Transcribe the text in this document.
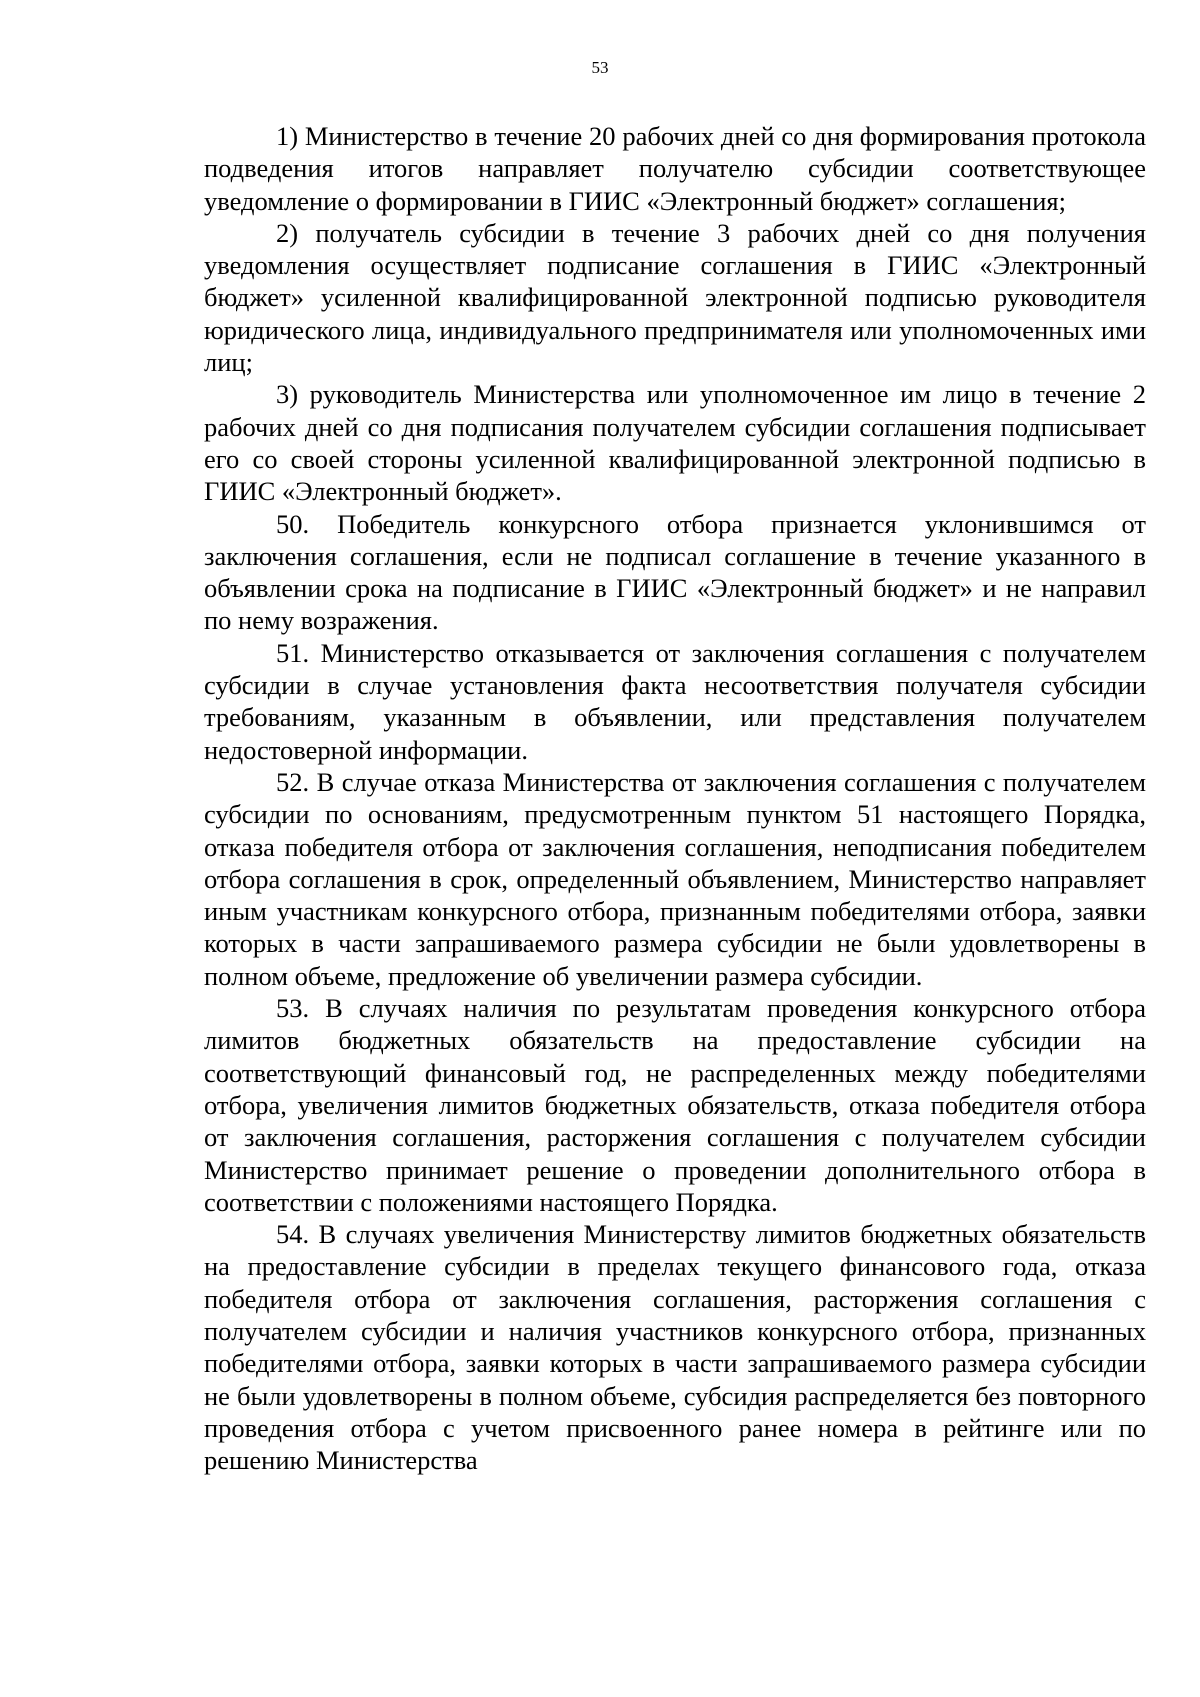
53

1) Министерство в течение 20 рабочих дней со дня формирования протокола подведения итогов направляет получателю субсидии соответствующее уведомление о формировании в ГИИС «Электронный бюджет» соглашения;

2) получатель субсидии в течение 3 рабочих дней со дня получения уведомления осуществляет подписание соглашения в ГИИС «Электронный бюджет» усиленной квалифицированной электронной подписью руководителя юридического лица, индивидуального предпринимателя или уполномоченных ими лиц;

3) руководитель Министерства или уполномоченное им лицо в течение 2 рабочих дней со дня подписания получателем субсидии соглашения подписывает его со своей стороны усиленной квалифицированной электронной подписью в ГИИС «Электронный бюджет».

50. Победитель конкурсного отбора признается уклонившимся от заключения соглашения, если не подписал соглашение в течение указанного в объявлении срока на подписание в ГИИС «Электронный бюджет» и не направил по нему возражения.

51. Министерство отказывается от заключения соглашения с получателем субсидии в случае установления факта несоответствия получателя субсидии требованиям, указанным в объявлении, или представления получателем недостоверной информации.

52. В случае отказа Министерства от заключения соглашения с получателем субсидии по основаниям, предусмотренным пунктом 51 настоящего Порядка, отказа победителя отбора от заключения соглашения, неподписания победителем отбора соглашения в срок, определенный объявлением, Министерство направляет иным участникам конкурсного отбора, признанным победителями отбора, заявки которых в части запрашиваемого размера субсидии не были удовлетворены в полном объеме, предложение об увеличении размера субсидии.

53. В случаях наличия по результатам проведения конкурсного отбора лимитов бюджетных обязательств на предоставление субсидии на соответствующий финансовый год, не распределенных между победителями отбора, увеличения лимитов бюджетных обязательств, отказа победителя отбора от заключения соглашения, расторжения соглашения с получателем субсидии Министерство принимает решение о проведении дополнительного отбора в соответствии с положениями настоящего Порядка.

54. В случаях увеличения Министерству лимитов бюджетных обязательств на предоставление субсидии в пределах текущего финансового года, отказа победителя отбора от заключения соглашения, расторжения соглашения с получателем субсидии и наличия участников конкурсного отбора, признанных победителями отбора, заявки которых в части запрашиваемого размера субсидии не были удовлетворены в полном объеме, субсидия распределяется без повторного проведения отбора с учетом присвоенного ранее номера в рейтинге или по решению Министерства
